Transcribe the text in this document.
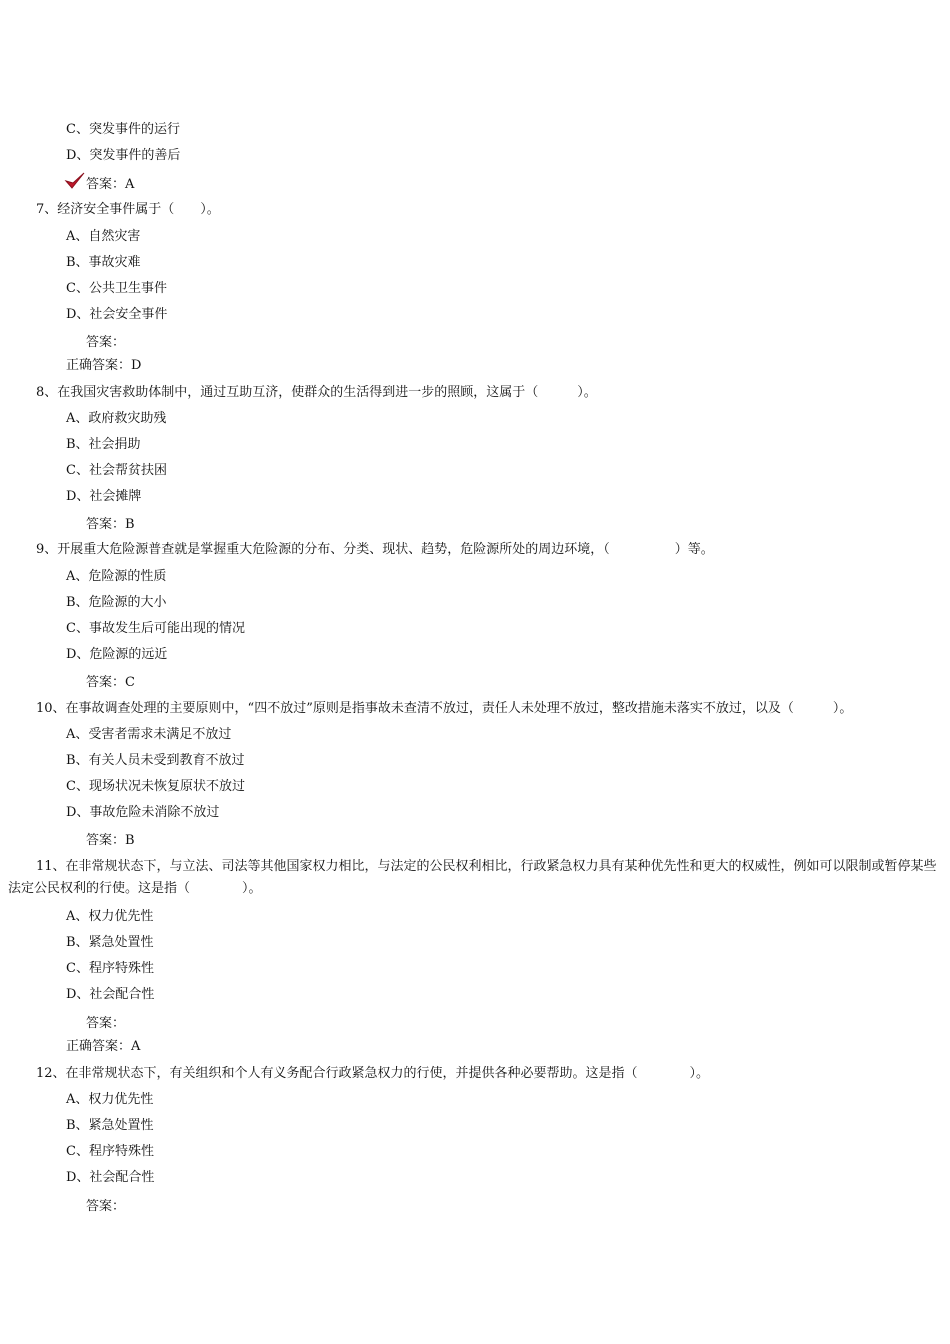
C、突发事件的运行
D、突发事件的善后
答案：A
7、经济安全事件属于（　　）。
A、自然灾害
B、事故灾难
C、公共卫生事件
D、社会安全事件
答案：
正确答案：D
8、在我国灾害救助体制中，通过互助互济，使群众的生活得到进一步的照顾，这属于（　　　）。
A、政府救灾助残
B、社会捐助
C、社会帮贫扶困
D、社会摊牌
答案：B
9、开展重大危险源普查就是掌握重大危险源的分布、分类、现状、趋势，危险源所处的周边环境，（　　　　　）等。
A、危险源的性质
B、危险源的大小
C、事故发生后可能出现的情况
D、危险源的远近
答案：C
10、在事故调查处理的主要原则中，“四不放过”原则是指事故未查清不放过，责任人未处理不放过，整改措施未落实不放过，以及（　　　）。
A、受害者需求未满足不放过
B、有关人员未受到教育不放过
C、现场状况未恢复原状不放过
D、事故危险未消除不放过
答案：B
11、在非常规状态下，与立法、司法等其他国家权力相比，与法定的公民权利相比，行政紧急权力具有某种优先性和更大的权威性，例如可以限制或暂停某些法定公民权利的行使。这是指（　　　　）。
A、权力优先性
B、紧急处置性
C、程序特殊性
D、社会配合性
答案：
正确答案：A
12、在非常规状态下，有关组织和个人有义务配合行政紧急权力的行使，并提供各种必要帮助。这是指（　　　　）。
A、权力优先性
B、紧急处置性
C、程序特殊性
D、社会配合性
答案：
